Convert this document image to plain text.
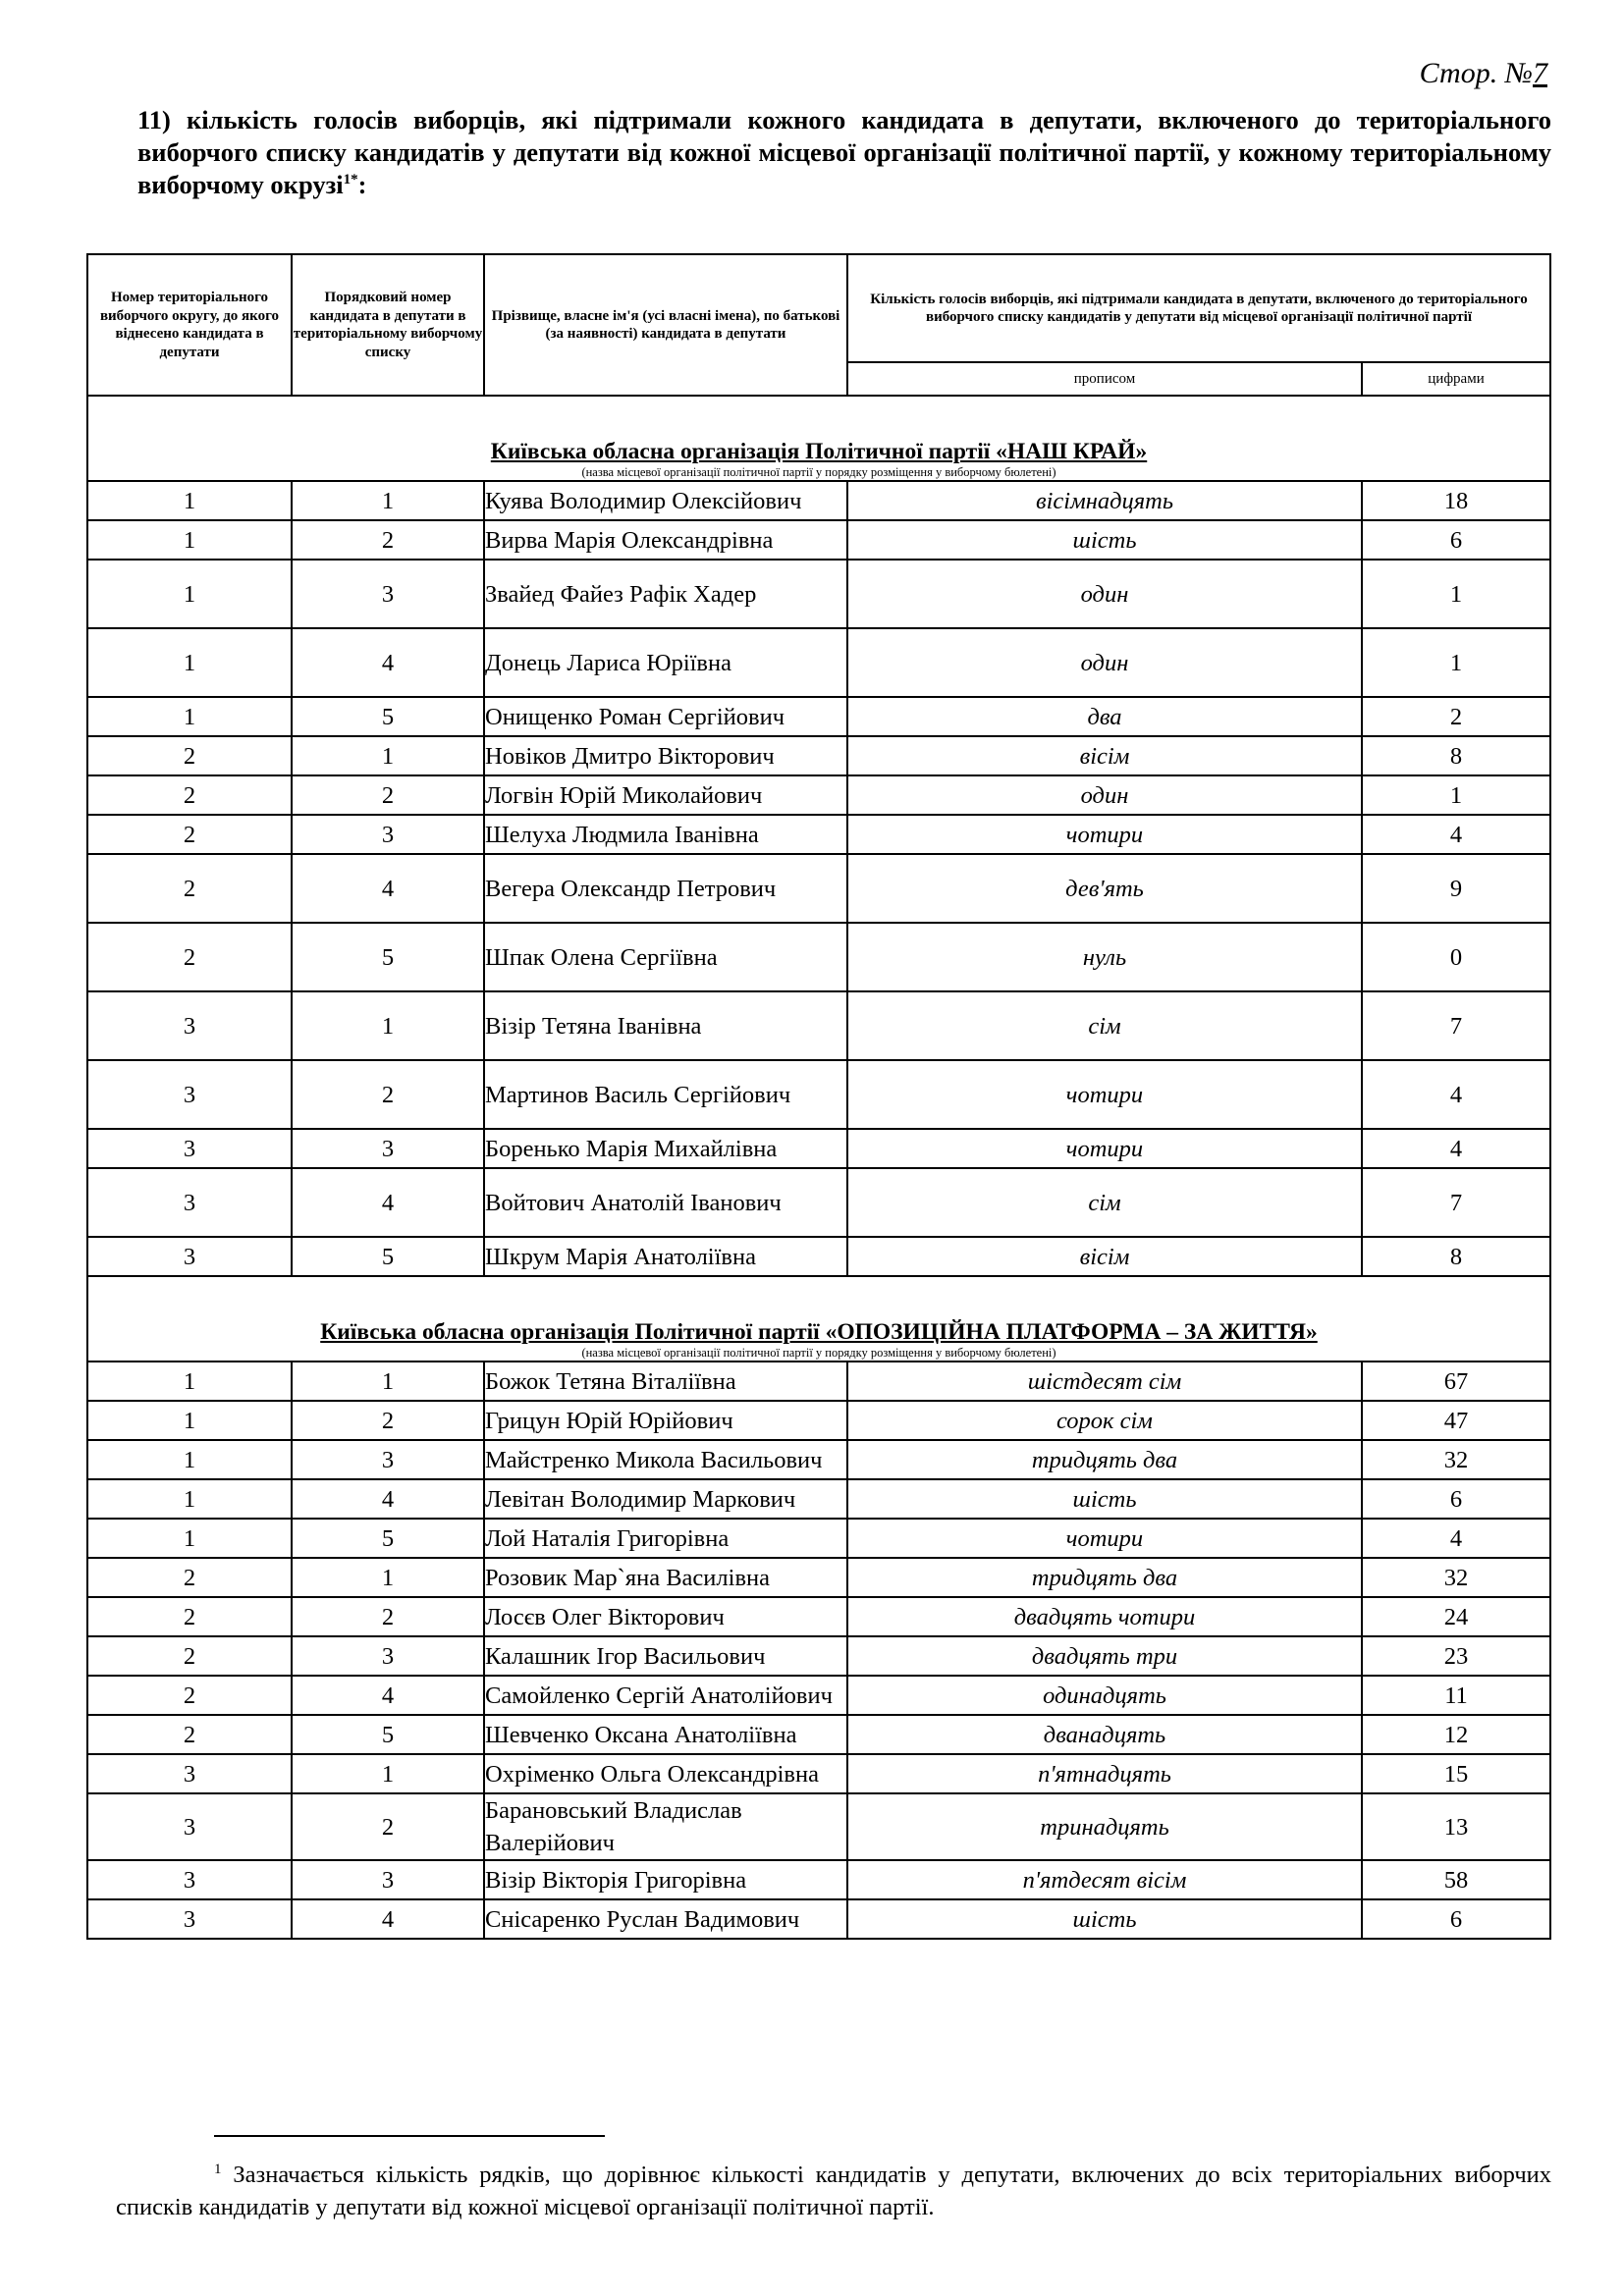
Стор. №7
11) кількість голосів виборців, які підтримали кожного кандидата в депутати, включеного до територіального виборчого списку кандидатів у депутати від кожної місцевої організації політичної партії, у кожному територіальному виборчому окрузі$^{1*}$:
Номер територіального виборчого округу, до якого віднесено кандидата в депутати	Порядковий номер кандидата в депутати в територіальному виборчому списку	Прізвище, власне ім'я (усі власні імена), по батькові (за наявності) кандидата в депутати	Кількість голосів виборців, які підтримали кандидата в депутати, включеного до територіального виборчого списку кандидатів у депутати від місцевої організації політичної партії	
			прописом	цифрами

Київська обласна організація Політичної партії «НАШ КРАЙ»
(назва місцевої організації політичної партії у порядку розміщення у виборчому бюлетені)				

1	1	Куява Володимир Олексійович	вісімнадцять	18
1	2	Вирва Марія Олександрівна	шість	6
1	3	Звайед Файез Рафік Хадер	один	1
1	4	Донець Лариса Юріївна	один	1
1	5	Онищенко Роман Сергійович	два	2
2	1	Новіков Дмитро Вікторович	вісім	8
2	2	Логвін Юрій Миколайович	один	1
2	3	Шелуха Людмила Іванівна	чотири	4
2	4	Вегера Олександр Петрович	дев'ять	9
2	5	Шпак Олена Сергіївна	нуль	0
3	1	Візір Тетяна Іванівна	сім	7
3	2	Мартинов Василь Сергійович	чотири	4
3	3	Боренько Марія Михайлівна	чотири	4
3	4	Войтович Анатолій Іванович	сім	7
3	5	Шкрум Марія Анатоліївна	вісім	8

Київська обласна організація Політичної партії «ОПОЗИЦІЙНА ПЛАТФОРМА – ЗА ЖИТТЯ»
(назва місцевої організації політичної партії у порядку розміщення у виборчому бюлетені)				

1	1	Божок Тетяна Віталіївна	шістдесят сім	67
1	2	Грицун Юрій Юрійович	сорок сім	47
1	3	Майстренко Микола Васильович	тридцять два	32
1	4	Левітан Володимир Маркович	шість	6
1	5	Лой Наталія Григорівна	чотири	4
2	1	Розовик Мар`яна Василівна	тридцять два	32
2	2	Лосєв Олег Вікторович	двадцять чотири	24
2	3	Калашник Ігор Васильович	двадцять три	23
2	4	Самойленко Сергій Анатолійович	одинадцять	11
2	5	Шевченко Оксана Анатоліївна	дванадцять	12
3	1	Охріменко Ольга Олександрівна	п'ятнадцять	15
3	2	Барановський Владислав Валерійович	тринадцять	13
3	3	Візір Вікторія Григорівна	п'ятдесят вісім	58
3	4	Снісаренко Руслан Вадимович	шість	6
$^1$ Зазначається кількість рядків, що дорівнює кількості кандидатів у депутати, включених до всіх територіальних виборчих списків кандидатів у депутати від кожної місцевої організації політичної партії.
